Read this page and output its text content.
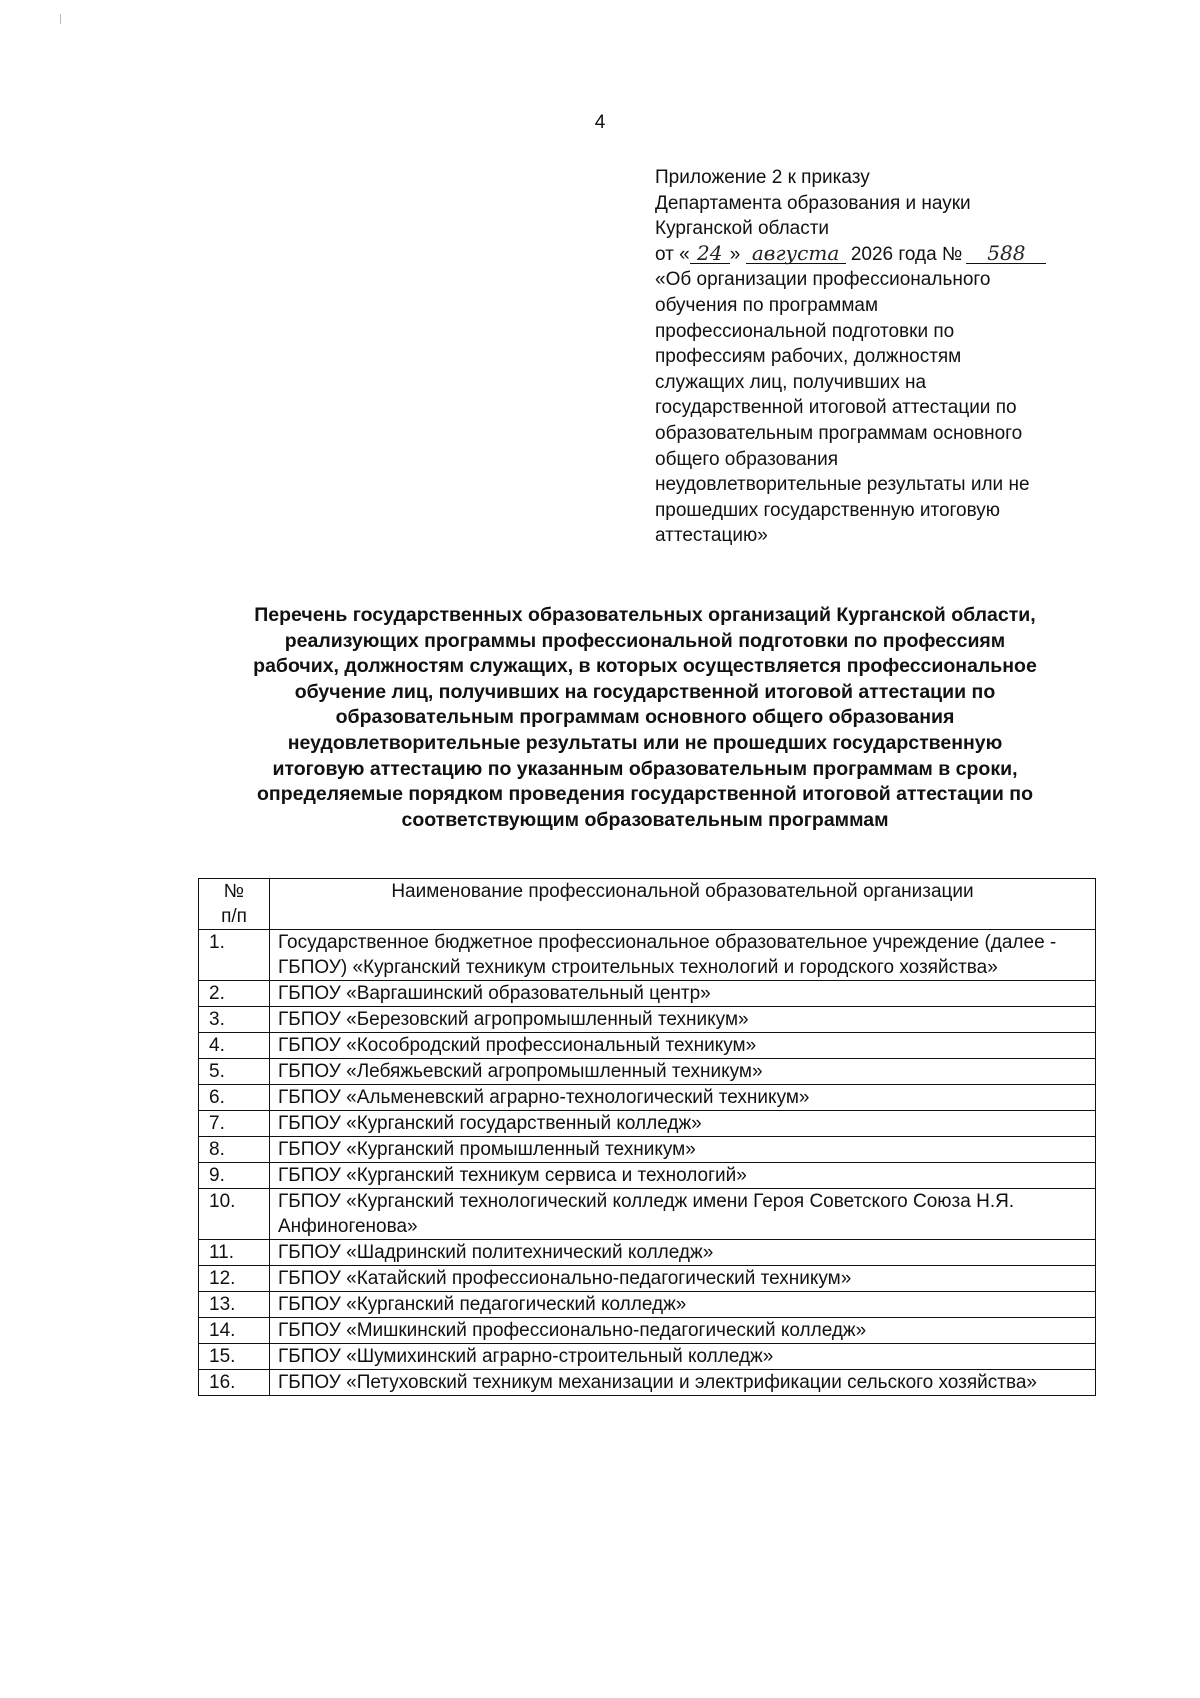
4
Приложение 2 к приказу
Департамента образования и науки
Курганской области
от « 24 » августа 2026 года № 588
«Об организации профессионального
обучения по программам
профессиональной подготовки по
профессиям рабочих, должностям
служащих лиц, получивших на
государственной итоговой аттестации по
образовательным программам основного
общего образования
неудовлетворительные результаты или не
прошедших государственную итоговую
аттестацию»
Перечень государственных образовательных организаций Курганской области,
реализующих программы профессиональной подготовки по профессиям
рабочих, должностям служащих, в которых осуществляется профессиональное
обучение лиц, получивших на государственной итоговой аттестации по
образовательным программам основного общего образования
неудовлетворительные результаты или не прошедших государственную
итоговую аттестацию по указанным образовательным программам в сроки,
определяемые порядком проведения государственной итоговой аттестации по
соответствующим образовательным программам
№
п/п	Наименование профессиональной образовательной организации
1.	Государственное бюджетное профессиональное образовательное учреждение (далее - ГБПОУ) «Курганский техникум строительных технологий и городского хозяйства»
2.	ГБПОУ «Варгашинский образовательный центр»
3.	ГБПОУ «Березовский агропромышленный техникум»
4.	ГБПОУ «Кособродский профессиональный техникум»
5.	ГБПОУ «Лебяжьевский агропромышленный техникум»
6.	ГБПОУ «Альменевский аграрно-технологический техникум»
7.	ГБПОУ «Курганский государственный колледж»
8.	ГБПОУ «Курганский промышленный техникум»
9.	ГБПОУ «Курганский техникум сервиса и технологий»
10.	ГБПОУ «Курганский технологический колледж имени Героя Советского Союза Н.Я. Анфиногенова»
11.	ГБПОУ «Шадринский политехнический колледж»
12.	ГБПОУ «Катайский профессионально-педагогический техникум»
13.	ГБПОУ «Курганский педагогический колледж»
14.	ГБПОУ «Мишкинский профессионально-педагогический колледж»
15.	ГБПОУ «Шумихинский аграрно-строительный колледж»
16.	ГБПОУ «Петуховский техникум механизации и электрификации сельского хозяйства»
